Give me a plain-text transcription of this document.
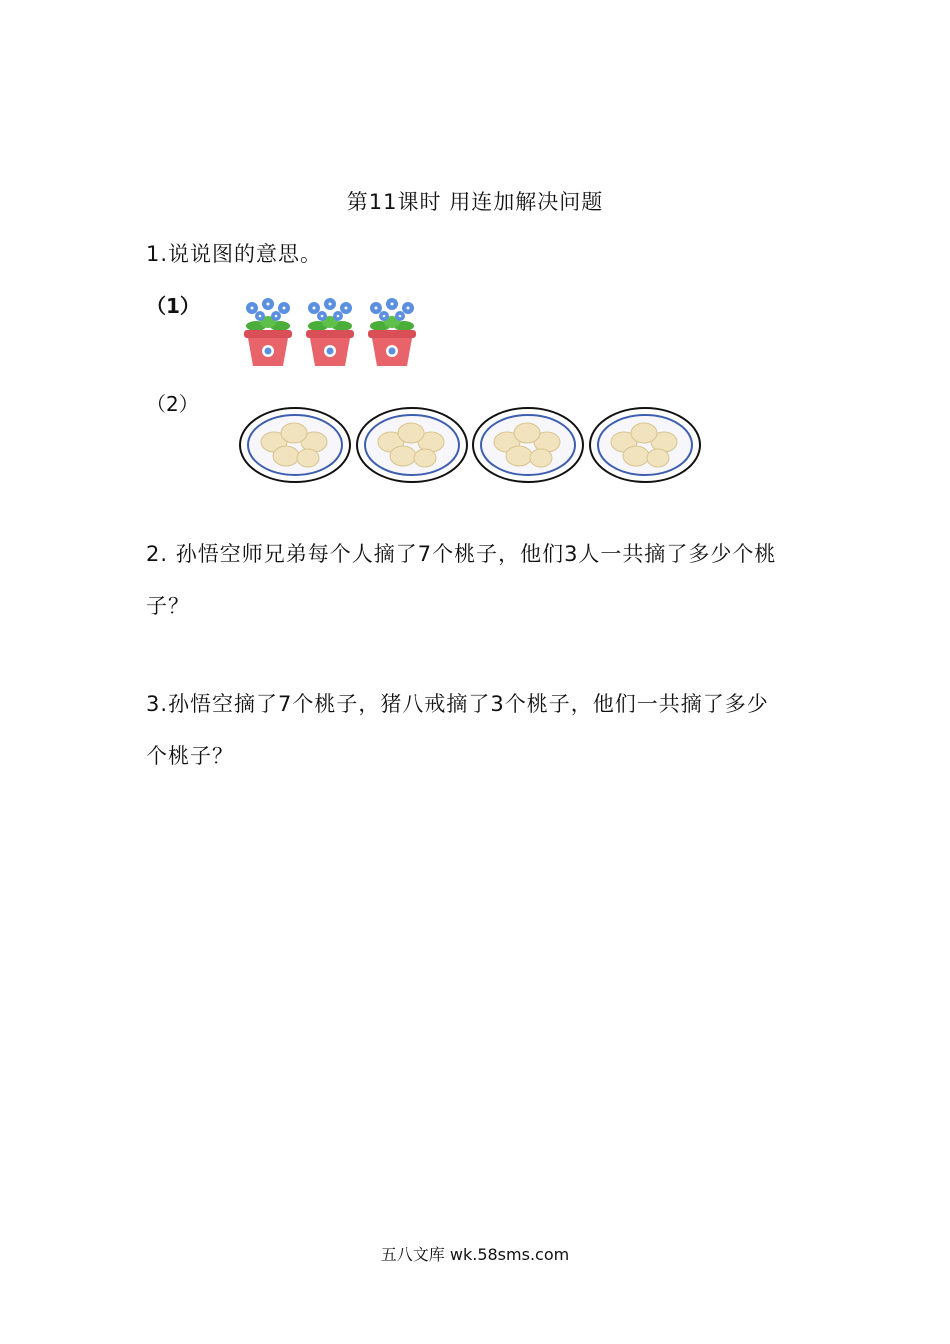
第11课时 用连加解决问题
1.说说图的意思。
（1）
（2）
2. 孙悟空师兄弟每个人摘了7个桃子，他们3人一共摘了多少个桃
子？
3.孙悟空摘了7个桃子，猪八戒摘了3个桃子，他们一共摘了多少
个桃子？
五八文库 wk.58sms.com
